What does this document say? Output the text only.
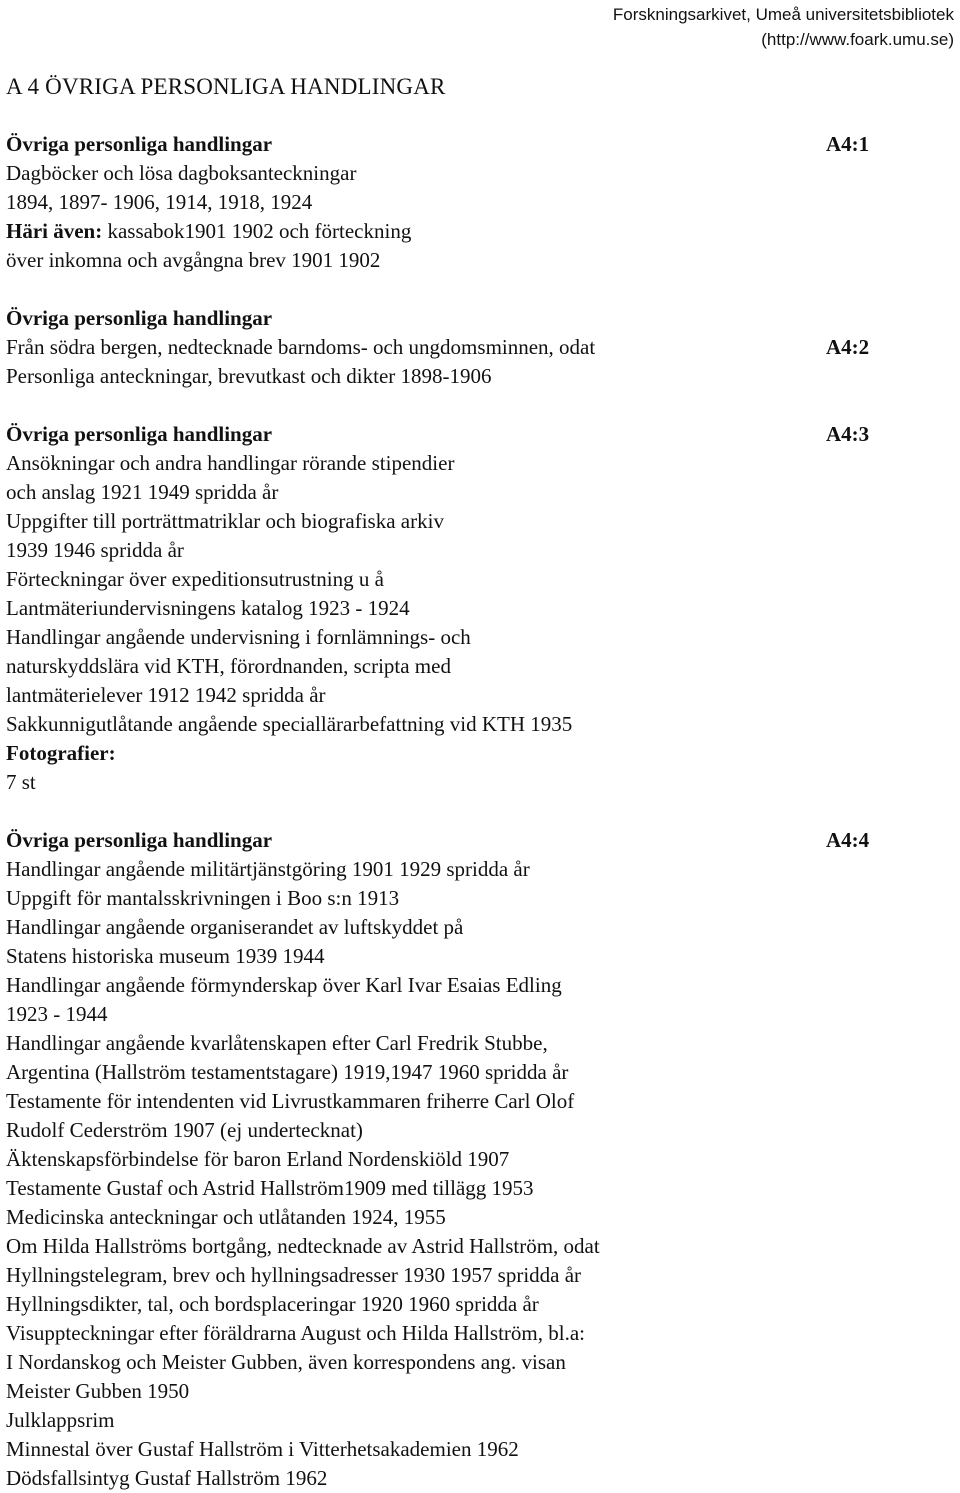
Forskningsarkivet, Umeå universitetsbibliotek
(http://www.foark.umu.se)
A 4 ÖVRIGA PERSONLIGA HANDLINGAR
Övriga personliga handlingar
Dagböcker och lösa dagboksanteckningar
1894, 1897- 1906, 1914, 1918, 1924
Häri även: kassabok1901 1902 och förteckning
över inkomna och avgångna brev 1901 1902
A4:1
Övriga personliga handlingar
Från södra bergen, nedtecknade barndoms- och ungdomsminnen, odat
Personliga anteckningar, brevutkast och dikter 1898-1906
A4:2
Övriga personliga handlingar
Ansökningar och andra handlingar rörande stipendier
och anslag 1921 1949 spridda år
Uppgifter till porträttmatriklar och biografiska arkiv
1939 1946 spridda år
Förteckningar över expeditionsutrustning u å
Lantmäteriundervisningens katalog 1923 - 1924
Handlingar angående undervisning i fornlämnings- och
naturskyddslära vid KTH, förordnanden, scripta med
lantmäterielever 1912 1942 spridda år
Sakkunnigutlåtande angående speciallärarbefattning vid KTH 1935
Fotografier:
7 st
A4:3
Övriga personliga handlingar
Handlingar angående militärtjänstgöring 1901 1929 spridda år
Uppgift för mantalsskrivningen i Boo s:n 1913
Handlingar angående organiserandet av luftskyddet på
Statens historiska museum 1939 1944
Handlingar angående förmynderskap över Karl Ivar Esaias Edling
1923 - 1944
Handlingar angående kvarlåtenskapen efter Carl Fredrik Stubbe,
Argentina (Hallström testamentstagare) 1919,1947 1960 spridda år
Testamente för intendenten vid Livrustkammaren friherre Carl Olof
Rudolf Cederström 1907 (ej undertecknat)
Äktenskapsförbindelse för baron Erland Nordenskiöld 1907
Testamente Gustaf och Astrid Hallström1909 med tillägg 1953
Medicinska anteckningar och utlåtanden 1924, 1955
Om Hilda Hallströms bortgång, nedtecknade av Astrid Hallström, odat
Hyllningstelegram, brev och hyllningsadresser 1930 1957 spridda år
Hyllningsdikter, tal, och bordsplaceringar 1920 1960 spridda år
Visuppteckningar efter föräldrarna August och Hilda Hallström, bl.a:
I Nordanskog och Meister Gubben, även korrespondens ang. visan
Meister Gubben 1950
Julklappsrim
Minnestal över Gustaf Hallström i Vitterhetsakademien 1962
Dödsfallsintyg Gustaf Hallström 1962
A4:4
